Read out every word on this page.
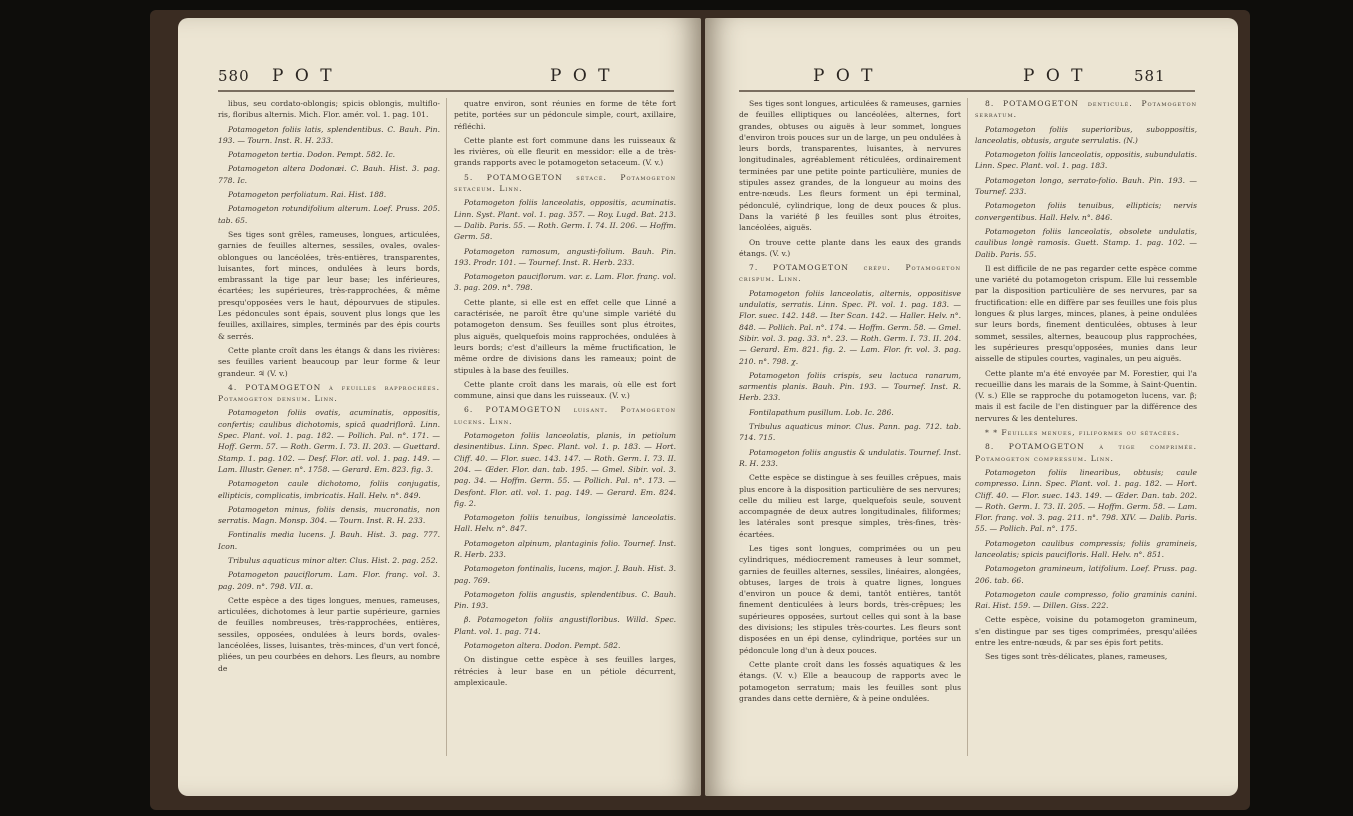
580 P O T	P O T

libus, seu cordato-oblongis; spicis oblongis, multiflo-ris, floribus alternis. Mich. Flor. amér. vol. 1. pag. 101.

Potamogeton foliis latis, splendentibus. C. Bauh. Pin. 193. — Tourn. Inst. R. H. 233.

Potamogeton tertia. Dodon. Pempt. 582. Ic.

Potamogeton altera Dodonæi. C. Bauh. Hist. 3. pag. 778. Ic.

Potamogeton perfoliatum. Rai. Hist. 188.

Potamogeton rotundifolium alterum. Loef. Pruss. 205. tab. 65.

Ses tiges sont grêles, rameuses, longues, articulées, garnies de feuilles alternes, sessiles, ovales, ovales-oblongues ou lancéolées, très-entières, transparentes, luisantes, fort minces, ondulées à leurs bords, embrassant la tige par leur base; les inférieures, écartées; les supérieures, très-rapprochées, & même presqu'opposées vers le haut, dépourvues de stipules. Les pédoncules sont épais, souvent plus longs que les feuilles, axillaires, simples, terminés par des épis courts & serrés.

Cette plante croît dans les étangs & dans les rivières: ses feuilles varient beaucoup par leur forme & leur grandeur. ♃ (V. v.)

4. POTAMOGETON à feuilles rapprochées. Potamogeton densum. Linn.

Potamogeton foliis ovatis, acuminatis, oppositis, confertis; caulibus dichotomis, spicâ quadriflorâ. Linn. Spec. Plant. vol. 1. pag. 182. — Pollich. Pal. n°. 171. — Hoff. Germ. 57. — Roth. Germ. I. 73. II. 203. — Guettard. Stamp. 1. pag. 102. — Desf. Flor. atl. vol. 1. pag. 149. — Lam. Illustr. Gener. n°. 1758. — Gerard. Em. 823. fig. 3.

Potamogeton caule dichotomo, foliis conjugatis, ellipticis, complicatis, imbricatis. Hall. Helv. n°. 849.

Potamogeton minus, foliis densis, mucronatis, non serratis. Magn. Monsp. 304. — Tourn. Inst. R. H. 233.

Fontinalis media lucens. J. Bauh. Hist. 3. pag. 777. Icon.

Tribulus aquaticus minor alter. Clus. Hist. 2. pag. 252.

Potamogeton pauciflorum. Lam. Flor. franç. vol. 3. pag. 209. n°. 798. VII. α.

Cette espèce a des tiges longues, menues, rameuses, articulées, dichotomes à leur partie supérieure, garnies de feuilles nombreuses, très-rapprochées, entières, sessiles, opposées, ondulées à leurs bords, ovales-lancéolées, lisses, luisantes, très-minces, d'un vert foncé, pliées, un peu courbées en dehors. Les fleurs, au nombre de

quatre environ, sont réunies en forme de tête fort petite, portées sur un pédoncule simple, court, axillaire, réfléchi.

Cette plante est fort commune dans les ruisseaux & les rivières, où elle fleurit en messidor: elle a de très-grands rapports avec le potamogeton setaceum. (V. v.)

5. POTAMOGETON sétacé. Potamogeton setaceum. Linn.

Potamogeton foliis lanceolatis, oppositis, acuminatis. Linn. Syst. Plant. vol. 1. pag. 357. — Roy. Lugd. Bat. 213. — Dalib. Paris. 55. — Roth. Germ. I. 74. II. 206. — Hoffm. Germ. 58.

Potamogeton ramosum, angusti-folium. Bauh. Pin. 193. Prodr. 101. — Tournef. Inst. R. Herb. 233.

Potamogeton pauciflorum. var. ε. Lam. Flor. franç. vol. 3. pag. 209. n°. 798.

Cette plante, si elle est en effet celle que Linné a caractérisée, ne paroît être qu'une simple variété du potamogeton densum. Ses feuilles sont plus étroites, plus aiguës, quelquefois moins rapprochées, ondulées à leurs bords; c'est d'ailleurs la même fructification, le même ordre de divisions dans les rameaux; point de stipules à la base des feuilles.

Cette plante croît dans les marais, où elle est fort commune, ainsi que dans les ruisseaux. (V. v.)

6. POTAMOGETON luisant. Potamogeton lucens. Linn.

Potamogeton foliis lanceolatis, planis, in petiolum desinentibus. Linn. Spec. Plant. vol. 1. p. 183. — Hort. Cliff. 40. — Flor. suec. 143. 147. — Roth. Germ. I. 73. II. 204. — Œder. Flor. dan. tab. 195. — Gmel. Sibir. vol. 3. pag. 34. — Hoffm. Germ. 55. — Pollich. Pal. n°. 173. — Desfont. Flor. atl. vol. 1. pag. 149. — Gerard. Em. 824. fig. 2.

Potamogeton foliis tenuibus, longissimè lanceolatis. Hall. Helv. n°. 847.

Potamogeton alpinum, plantaginis folio. Tournef. Inst. R. Herb. 233.

Potamogeton fontinalis, lucens, major. J. Bauh. Hist. 3. pag. 769.

Potamogeton foliis angustis, splendentibus. C. Bauh. Pin. 193.

β. Potamogeton foliis angustifloribus. Willd. Spec. Plant. vol. 1. pag. 714.

Potamogeton altera. Dodon. Pempt. 582.

On distingue cette espèce à ses feuilles larges, rétrécies à leur base en un pétiole décurrent, amplexicaule.

P O T	P O T	581

Ses tiges sont longues, articulées & rameuses, garnies de feuilles elliptiques ou lancéolées, alternes, fort grandes, obtuses ou aiguës à leur sommet, longues d'environ trois pouces sur un de large, un peu ondulées à leurs bords, transparentes, luisantes, à nervures longitudinales, agréablement réticulées, ordinairement terminées par une petite pointe particulière, munies de stipules assez grandes, de la longueur au moins des entre-nœuds. Les fleurs forment un épi terminal, pédonculé, cylindrique, long de deux pouces & plus. Dans la variété β les feuilles sont plus étroites, lancéolées, aiguës.

On trouve cette plante dans les eaux des grands étangs. (V. v.)

7. POTAMOGETON crépu. Potamogeton crispum. Linn.

Potamogeton foliis lanceolatis, alternis, oppositisve undulatis, serratis. Linn. Spec. Pl. vol. 1. pag. 183. — Flor. suec. 142. 148. — Iter Scan. 142. — Haller. Helv. n°. 848. — Pollich. Pal. n°. 174. — Hoffm. Germ. 58. — Gmel. Sibir. vol. 3. pag. 33. n°. 23. — Roth. Germ. I. 73. II. 204. — Gerard. Em. 821. fig. 2. — Lam. Flor. fr. vol. 3. pag. 210. n°. 798. χ.

Potamogeton foliis crispis, seu lactuca ranarum, sarmentis planis. Bauh. Pin. 193. — Tournef. Inst. R. Herb. 233.

Fontilapathum pusillum. Lob. Ic. 286.

Tribulus aquaticus minor. Clus. Pann. pag. 712. tab. 714. 715.

Potamogeton foliis angustis & undulatis. Tournef. Inst. R. H. 233.

Cette espèce se distingue à ses feuilles crêpues, mais plus encore à la disposition particulière de ses nervures; celle du milieu est large, quelquefois seule, souvent accompagnée de deux autres longitudinales, filiformes; les latérales sont presque simples, très-fines, très-écartées.

Les tiges sont longues, comprimées ou un peu cylindriques, médiocrement rameuses à leur sommet, garnies de feuilles alternes, sessiles, linéaires, alongées, obtuses, larges de trois à quatre lignes, longues d'environ un pouce & demi, tantôt entières, tantôt finement denticulées à leurs bords, très-crêpues; les supérieures opposées, surtout celles qui sont à la base des divisions; les stipules très-courtes. Les fleurs sont disposées en un épi dense, cylindrique, portées sur un pédoncule long d'un à deux pouces.

Cette plante croît dans les fossés aquatiques & les étangs. (V. v.) Elle a beaucoup de rapports avec le potamogeton serratum; mais les feuilles sont plus grandes dans cette dernière, & à peine ondulées.

8. POTAMOGETON denticulé. Potamogeton serratum.

Potamogeton foliis superioribus, suboppositis, lanceolatis, obtusis, argute serrulatis. (N.)

Potamogeton foliis lanceolatis, oppositis, subundulatis. Linn. Spec. Plant. vol. 1. pag. 183.

Potamogeton longo, serrato-folio. Bauh. Pin. 193. — Tournef. 233.

Potamogeton foliis tenuibus, ellipticis; nervis convergentibus. Hall. Helv. n°. 846.

Potamogeton foliis lanceolatis, obsolete undulatis, caulibus longè ramosis. Guett. Stamp. 1. pag. 102. — Dalib. Paris. 55.

Il est difficile de ne pas regarder cette espèce comme une variété du potamogeton crispum. Elle lui ressemble par la disposition particulière de ses nervures, par sa fructification: elle en diffère par ses feuilles une fois plus longues & plus larges, minces, planes, à peine ondulées sur leurs bords, finement denticulées, obtuses à leur sommet, sessiles, alternes, beaucoup plus rapprochées, les supérieures presqu'opposées, munies dans leur aisselle de stipules courtes, vaginales, un peu aiguës.

Cette plante m'a été envoyée par M. Forestier, qui l'a recueillie dans les marais de la Somme, à Saint-Quentin. (V. s.) Elle se rapproche du potamogeton lucens, var. β; mais il est facile de l'en distinguer par la différence des nervures & les dentelures.

* * Feuilles menues, filiformes ou sétacées.

8. POTAMOGETON à tige comprimée. Potamogeton compressum. Linn.

Potamogeton foliis linearibus, obtusis; caule compresso. Linn. Spec. Plant. vol. 1. pag. 182. — Hort. Cliff. 40. — Flor. suec. 143. 149. — Œder. Dan. tab. 202. — Roth. Germ. I. 73. II. 205. — Hoffm. Germ. 58. — Lam. Flor. franç. vol. 3. pag. 211. n°. 798. XIV. — Dalib. Paris. 55. — Pollich. Pal. n°. 175.

Potamogeton caulibus compressis; foliis gramineis, lanceolatis; spicis paucifloris. Hall. Helv. n°. 851.

Potamogeton gramineum, latifolium. Loef. Pruss. pag. 206. tab. 66.

Potamogeton caule compresso, folio graminis canini. Rai. Hist. 159. — Dillen. Giss. 222.

Cette espèce, voisine du potamogeton gramineum, s'en distingue par ses tiges comprimées, presqu'ailées entre les entre-nœuds, & par ses épis fort petits.

Ses tiges sont très-délicates, planes, rameuses,
